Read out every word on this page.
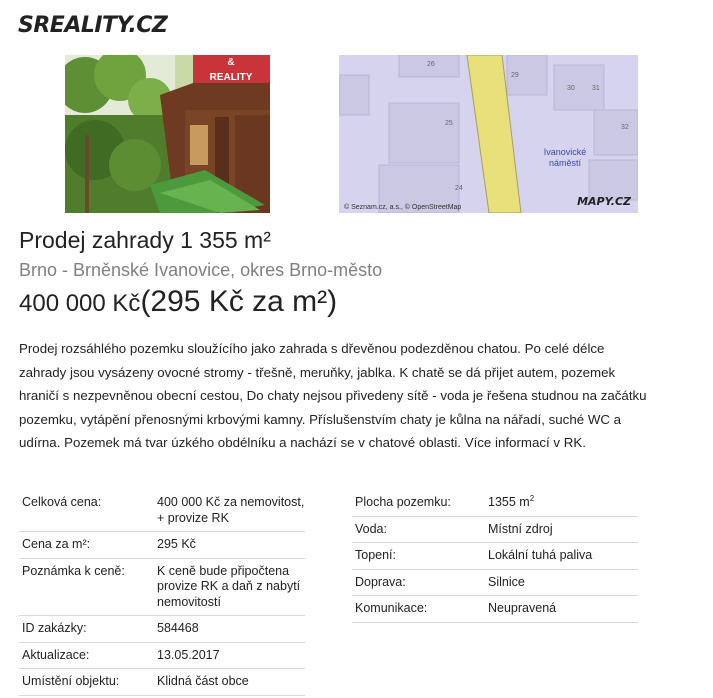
SREALITY.CZ
&
REALITY
26
29
30 31
32
25
24
Ivanovické
náměstí
© Seznam.cz, a.s., © OpenStreetMap	MAPY.CZ
Prodej zahrady 1 355 m²
Brno - Brněnské Ivanovice, okres Brno-město
400 000 Kč(295 Kč za m²)
Prodej rozsáhlého pozemku sloužícího jako zahrada s dřevěnou podezděnou chatou. Po celé délce zahrady jsou vysázeny ovocné stromy - třešně, meruňky, jablka. K chatě se dá přijet autem, pozemek hraničí s nezpevněnou obecní cestou, Do chaty nejsou přivedeny sítě - voda je řešena studnou na začátku pozemku, vytápění přenosnými krbovými kamny. Příslušenstvím chaty je kůlna na nářadí, suché WC a udírna. Pozemek má tvar úzkého obdélníku a nachází se v chatové oblasti. Více informací v RK.
Celková cena:	400 000 Kč za nemovitost, + provize RK
Cena za m²:	295 Kč
Poznámka k ceně:	K ceně bude připočtena provize RK a daň z nabytí nemovitostí
ID zakázky:	584468
Aktualizace:	13.05.2017
Umístění objektu:	Klidná část obce
Plocha pozemku:	1355 $m^2$
Voda:	Místní zdroj
Topení:	Lokální tuhá paliva
Doprava:	Silnice
Komunikace:	Neupravená
